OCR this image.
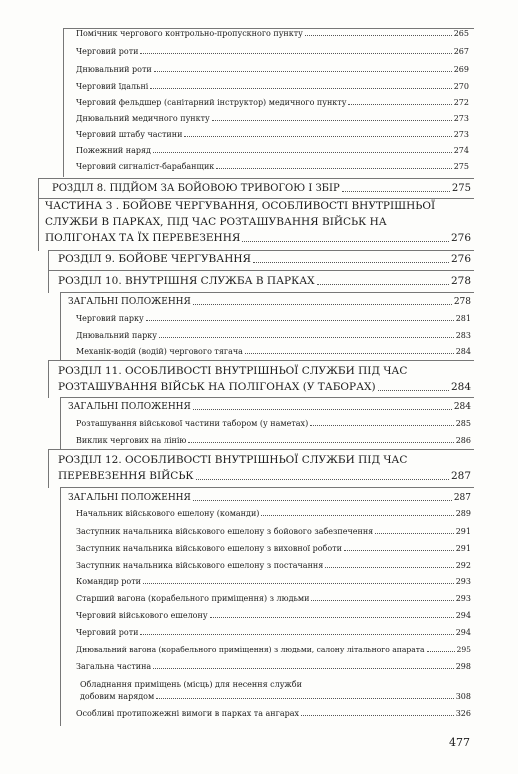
Помічник чергового контрольно-пропускного пункту	265
Черговий роти	267
Днювальний роти	269
Черговий їдальні	270
Черговий фельдшер (санітарний інструктор) медичного пункту	272
Днювальний медичного пункту	273
Черговий штабу частини	273
Пожежний наряд	274
Черговий сигналіст-барабанщик	275
РОЗДІЛ 8. ПІДЙОМ ЗА БОЙОВОЮ ТРИВОГОЮ І ЗБІР	275
ЧАСТИНА 3 . БОЙОВЕ ЧЕРГУВАННЯ, ОСОБЛИВОСТІ ВНУТРІШНЬОЇ
СЛУЖБИ В ПАРКАХ, ПІД ЧАС РОЗТАШУВАННЯ ВІЙСЬК НА
ПОЛІГОНАХ ТА ЇХ ПЕРЕВЕЗЕННЯ	276
РОЗДІЛ 9. БОЙОВЕ ЧЕРГУВАННЯ	276
РОЗДІЛ 10. ВНУТРІШНЯ СЛУЖБА В ПАРКАХ	278
ЗАГАЛЬНІ ПОЛОЖЕННЯ	278
Черговий парку	281
Днювальний парку	283
Механік-водій (водій) чергового тягача	284
РОЗДІЛ 11. ОСОБЛИВОСТІ ВНУТРІШНЬОЇ СЛУЖБИ ПІД ЧАС
РОЗТАШУВАННЯ ВІЙСЬК НА ПОЛІГОНАХ (У ТАБОРАХ)	284
ЗАГАЛЬНІ ПОЛОЖЕННЯ	284
Розташування військової частини табором (у наметах)	285
Виклик чергових на лінію	286
РОЗДІЛ 12. ОСОБЛИВОСТІ ВНУТРІШНЬОЇ СЛУЖБИ ПІД ЧАС
ПЕРЕВЕЗЕННЯ ВІЙСЬК	287
ЗАГАЛЬНІ ПОЛОЖЕННЯ	287
Начальник військового ешелону (команди)	289
Заступник начальника військового ешелону з бойового забезпечення	291
Заступник начальника військового ешелону з виховної роботи	291
Заступник начальника військового ешелону з постачання	292
Командир роти	293
Старший вагона (корабельного приміщення) з людьми	293
Черговий військового ешелону	294
Черговий роти	294
Днювальний вагона (корабельного приміщення) з людьми, салону літального апарата	295
Загальна частина	298
Обладнання приміщень (місць) для несення служби
добовим нарядом	308
Особливі протипожежні вимоги в парках та ангарах	326
477
